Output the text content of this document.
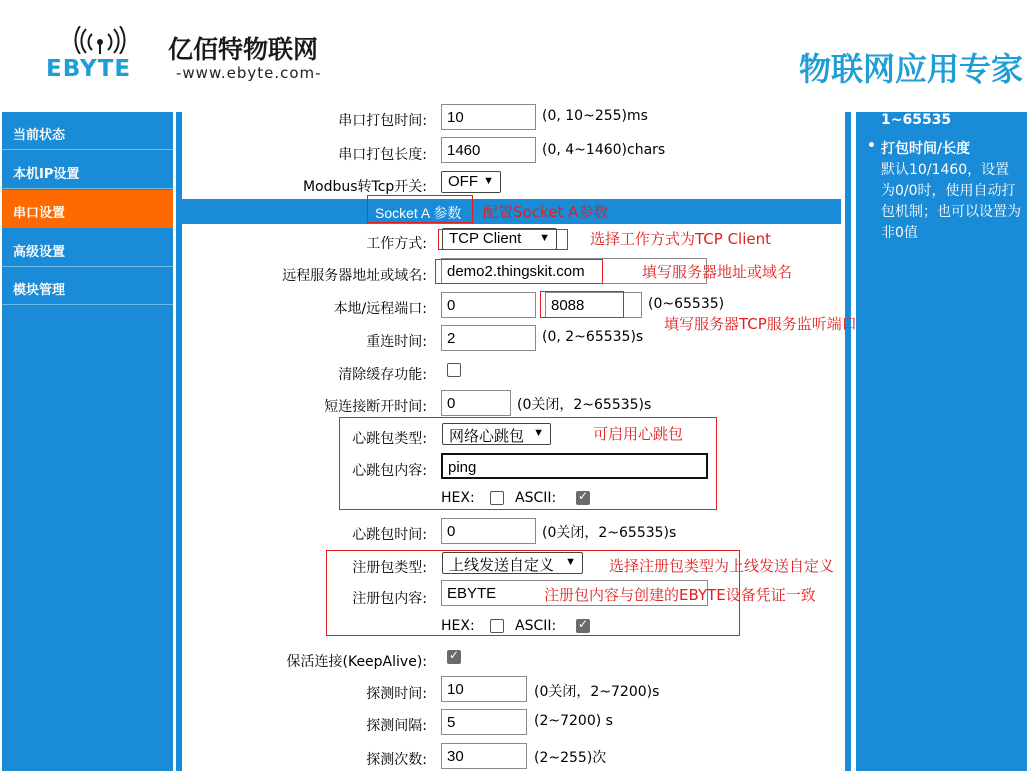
EBYTE
亿佰特物联网
-www.ebyte.com-	物联网应用专家
当前状态
本机IP设置
串口设置
高级设置
模块管理
1~65535
• 打包时间/长度
默认10/1460，设置为0/0时，使用自动打包机制；也可以设置为非0值
串口打包时间:	10	(0, 10~255)ms
串口打包长度:	1460	(0, 4~1460)chars
Modbus转Tcp开关:	OFF ▼
Socket A 参数
工作方式:	TCP Client ▼
远程服务器地址或域名:	demo2.thingskit.com
本地/远程端口:	0	8088	(0~65535)
重连时间:	2	(0, 2~65535)s
清除缓存功能:
短连接断开时间:	0	(0关闭，2~65535)s
心跳包类型:	网络心跳包 ▼
心跳包内容:	ping
HEX:	ASCII:
✓
心跳包时间:	0	(0关闭，2~65535)s
注册包类型:	上线发送自定义 ▼
注册包内容:	EBYTE
HEX:	ASCII:
✓
保活连接(KeepAlive):
✓
探测时间:	10	(0关闭，2~7200)s
探测间隔:	5	(2~7200) s
探测次数:	30	(2~255)次
配置Socket A参数
选择工作方式为TCP Client
填写服务器地址或域名
填写服务器TCP服务监听端口
可启用心跳包
选择注册包类型为上线发送自定义
注册包内容与创建的EBYTE设备凭证一致
